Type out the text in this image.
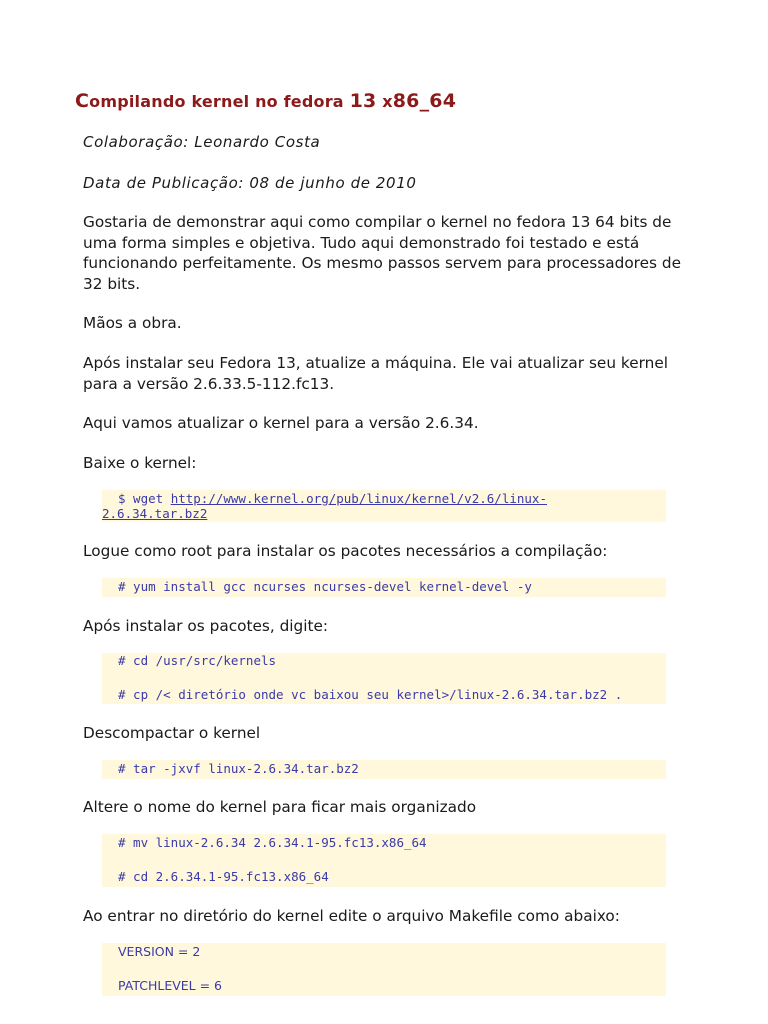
Compilando kernel no fedora 13 x86_64

Colaboração: Leonardo Costa

Data de Publicação: 08 de junho de 2010

Gostaria de demonstrar aqui como compilar o kernel no fedora 13 64 bits de
uma forma simples e objetiva. Tudo aqui demonstrado foi testado e está
funcionando perfeitamente. Os mesmo passos servem para processadores de
32 bits.

Mãos a obra.

Após instalar seu Fedora 13, atualize a máquina. Ele vai atualizar seu kernel
para a versão 2.6.33.5-112.fc13.

Aqui vamos atualizar o kernel para a versão 2.6.34.

Baixe o kernel:

$ wget http://www.kernel.org/pub/linux/kernel/v2.6/linux-
2.6.34.tar.bz2

Logue como root para instalar os pacotes necessários a compilação:

# yum install gcc ncurses ncurses-devel kernel-devel -y

Após instalar os pacotes, digite:

# cd /usr/src/kernels
# cp /< diretório onde vc baixou seu kernel>/linux-2.6.34.tar.bz2 .

Descompactar o kernel

# tar -jxvf linux-2.6.34.tar.bz2

Altere o nome do kernel para ficar mais organizado

# mv linux-2.6.34 2.6.34.1-95.fc13.x86_64
# cd 2.6.34.1-95.fc13.x86_64

Ao entrar no diretório do kernel edite o arquivo Makefile como abaixo:

VERSION = 2
PATCHLEVEL = 6
